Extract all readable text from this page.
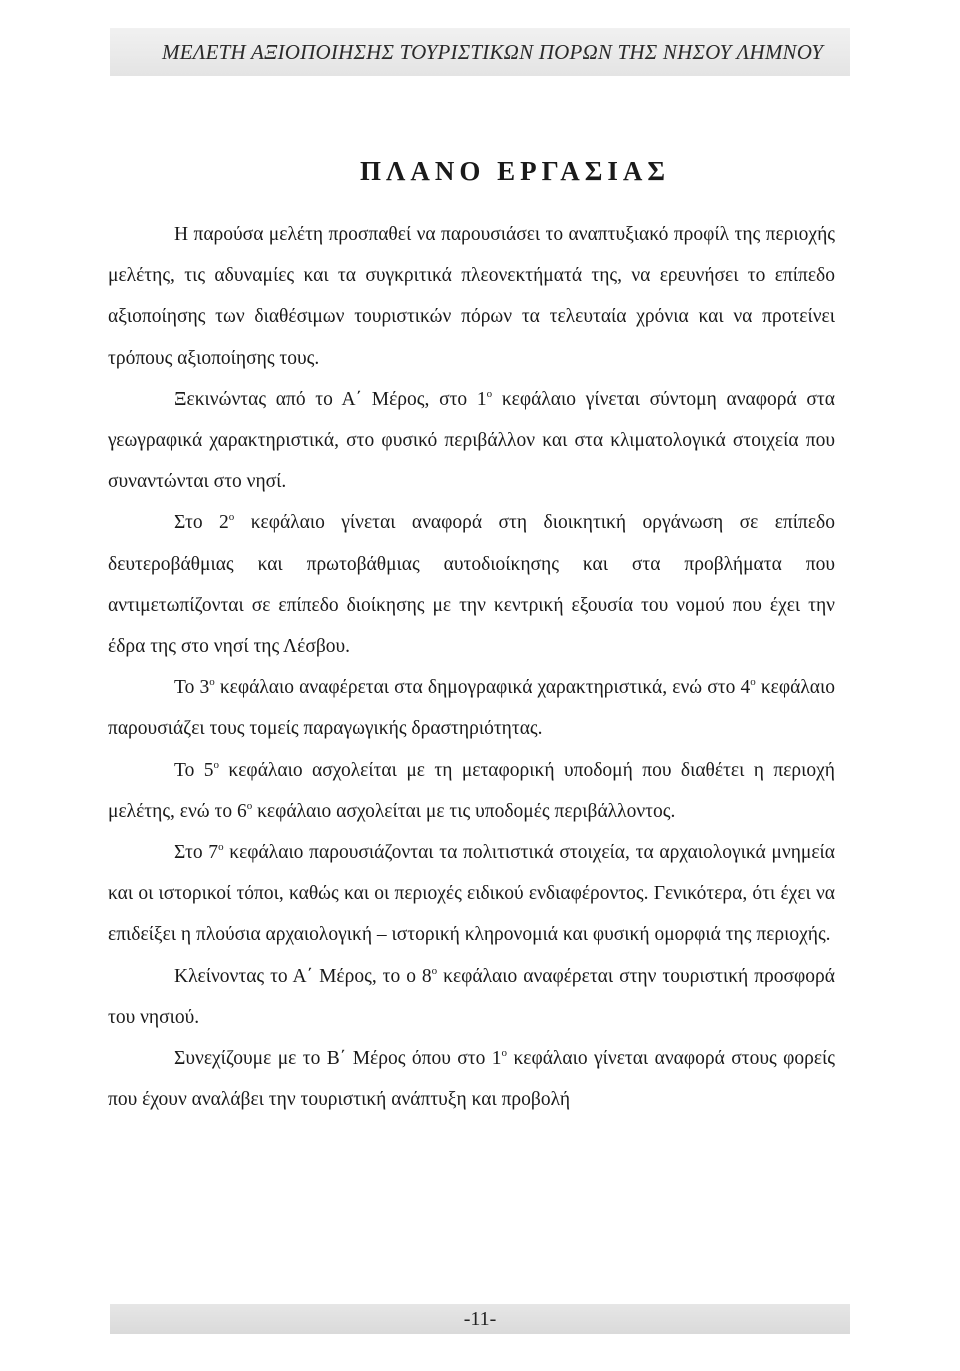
ΜΕΛΕΤΗ ΑΞΙΟΠΟΙΗΣΗΣ ΤΟΥΡΙΣΤΙΚΩΝ ΠΟΡΩΝ ΤΗΣ ΝΗΣΟΥ ΛΗΜΝΟΥ
ΠΛΑΝΟ ΕΡΓΑΣΙΑΣ

Η παρούσα μελέτη προσπαθεί να παρουσιάσει το αναπτυξιακό προφίλ της περιοχής μελέτης, τις αδυναμίες και τα συγκριτικά πλεονεκτήματά της, να ερευνήσει το επίπεδο αξιοποίησης των διαθέσιμων τουριστικών πόρων τα τελευταία χρόνια και να προτείνει τρόπους αξιοποίησης τους.

Ξεκινώντας από το Α΄ Μέρος, στο $1^o$ κεφάλαιο γίνεται σύντομη αναφορά στα γεωγραφικά χαρακτηριστικά, στο φυσικό περιβάλλον και στα κλιματολογικά στοιχεία που συναντώνται στο νησί.

Στο $2^o$ κεφάλαιο γίνεται αναφορά στη διοικητική οργάνωση σε επίπεδο δευτεροβάθμιας και πρωτοβάθμιας αυτοδιοίκησης και στα προβλήματα που αντιμετωπίζονται σε επίπεδο διοίκησης με την κεντρική εξουσία του νομού που έχει την έδρα της στο νησί της Λέσβου.

Το $3^o$ κεφάλαιο αναφέρεται στα δημογραφικά χαρακτηριστικά, ενώ στο $4^o$ κεφάλαιο παρουσιάζει τους τομείς παραγωγικής δραστηριότητας.

Το $5^o$ κεφάλαιο ασχολείται με τη μεταφορική υποδομή που διαθέτει η περιοχή μελέτης, ενώ το $6^o$ κεφάλαιο ασχολείται με τις υποδομές περιβάλλοντος.

Στο $7^o$ κεφάλαιο παρουσιάζονται τα πολιτιστικά στοιχεία, τα αρχαιολογικά μνημεία και οι ιστορικοί τόποι, καθώς και οι περιοχές ειδικού ενδιαφέροντος. Γενικότερα, ότι έχει να επιδείξει η πλούσια αρχαιολογική – ιστορική κληρονομιά και φυσική ομορφιά της περιοχής.

Κλείνοντας το Α΄ Μέρος, το ο $8^o$ κεφάλαιο αναφέρεται στην τουριστική προσφορά του νησιού.

Συνεχίζουμε με το Β΄ Μέρος όπου στο $1^o$ κεφάλαιο γίνεται αναφορά στους φορείς που έχουν αναλάβει την τουριστική ανάπτυξη και προβολή

-11-
